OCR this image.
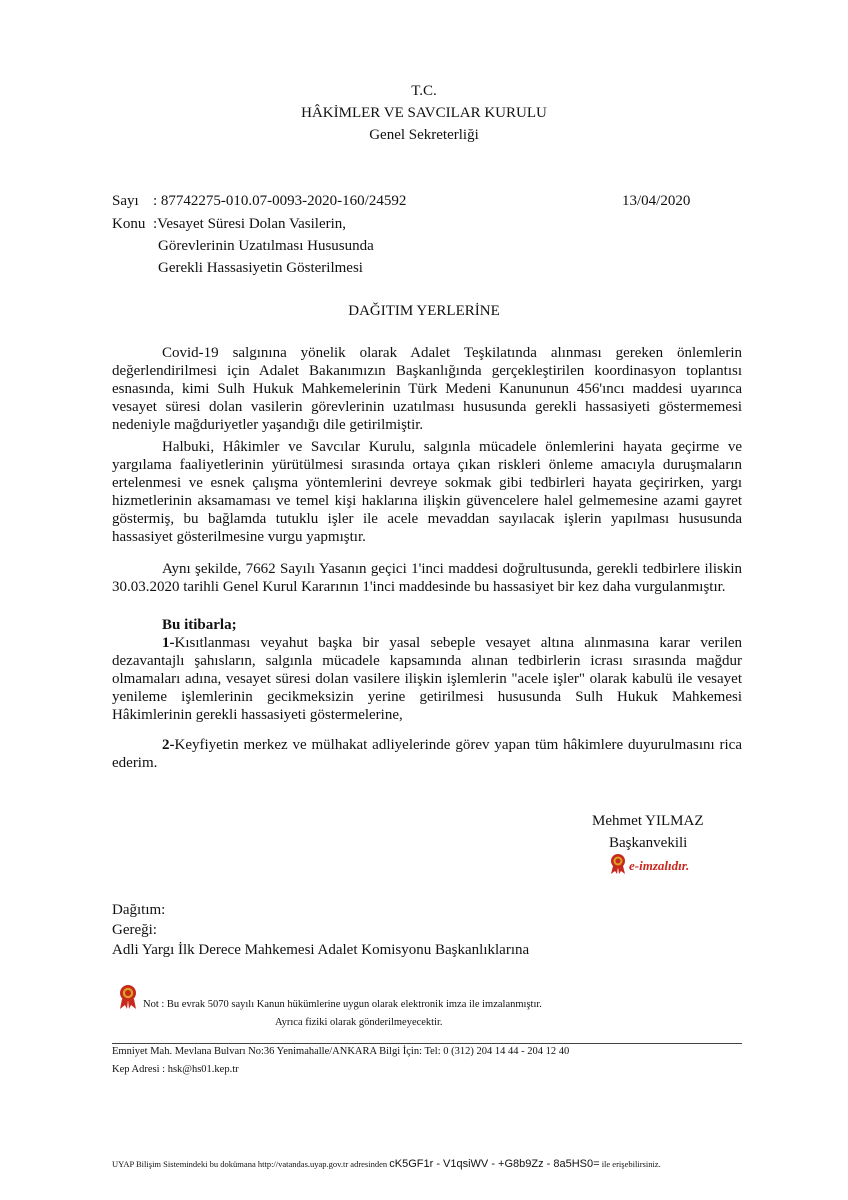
T.C.
HÂKİMLER VE SAVCILAR KURULU
Genel Sekreterliği
Sayı : 87742275-010.07-0093-2020-160/24592	13/04/2020
Konu :Vesayet Süresi Dolan Vasilerin,
Görevlerinin Uzatılması Hususunda
Gerekli Hassasiyetin Gösterilmesi
DAĞITIM YERLERİNE
Covid-19 salgınına yönelik olarak Adalet Teşkilatında alınması gereken önlemlerin değerlendirilmesi için Adalet Bakanımızın Başkanlığında gerçekleştirilen koordinasyon toplantısı esnasında, kimi Sulh Hukuk Mahkemelerinin Türk Medeni Kanununun 456'ıncı maddesi uyarınca vesayet süresi dolan vasilerin görevlerinin uzatılması hususunda gerekli hassasiyeti göstermemesi nedeniyle mağduriyetler yaşandığı dile getirilmiştir.
Halbuki, Hâkimler ve Savcılar Kurulu, salgınla mücadele önlemlerini hayata geçirme ve yargılama faaliyetlerinin yürütülmesi sırasında ortaya çıkan riskleri önleme amacıyla duruşmaların ertelenmesi ve esnek çalışma yöntemlerini devreye sokmak gibi tedbirleri hayata geçirirken, yargı hizmetlerinin aksamaması ve temel kişi haklarına ilişkin güvencelere halel gelmemesine azami gayret göstermiş, bu bağlamda tutuklu işler ile acele mevaddan sayılacak işlerin yapılması hususunda hassasiyet gösterilmesine vurgu yapmıştır.
Aynı şekilde, 7662 Sayılı Yasanın geçici 1'inci maddesi doğrultusunda, gerekli tedbirlere iliskin 30.03.2020 tarihli Genel Kurul Kararının 1'inci maddesinde bu hassasiyet bir kez daha vurgulanmıştır.
Bu itibarla;
1-Kısıtlanması veyahut başka bir yasal sebeple vesayet altına alınmasına karar verilen dezavantajlı şahısların, salgınla mücadele kapsamında alınan tedbirlerin icrası sırasında mağdur olmamaları adına, vesayet süresi dolan vasilere ilişkin işlemlerin "acele işler" olarak kabulü ile vesayet yenileme işlemlerinin gecikmeksizin yerine getirilmesi hususunda Sulh Hukuk Mahkemesi Hâkimlerinin gerekli hassasiyeti göstermelerine,
2-Keyfiyetin merkez ve mülhakat adliyelerinde görev yapan tüm hâkimlere duyurulmasını rica ederim.
Mehmet YILMAZ
Başkanvekili
e-imzalıdır.
Dağıtım:
Gereği:
Adli Yargı İlk Derece Mahkemesi Adalet Komisyonu Başkanlıklarına
Not : Bu evrak 5070 sayılı Kanun hükümlerine uygun olarak elektronik imza ile imzalanmıştır.
Ayrıca fiziki olarak gönderilmeyecektir.
Emniyet Mah. Mevlana Bulvarı No:36 Yenimahalle/ANKARA Bilgi İçin: Tel: 0 (312) 204 14 44 - 204 12 40
Kep Adresi : hsk@hs01.kep.tr
UYAP Bilişim Sistemindeki bu dokümana http://vatandas.uyap.gov.tr adresinden cK5GF1r - V1qsiWV - +G8b9Zz - 8a5HS0= ile erişebilirsiniz.
